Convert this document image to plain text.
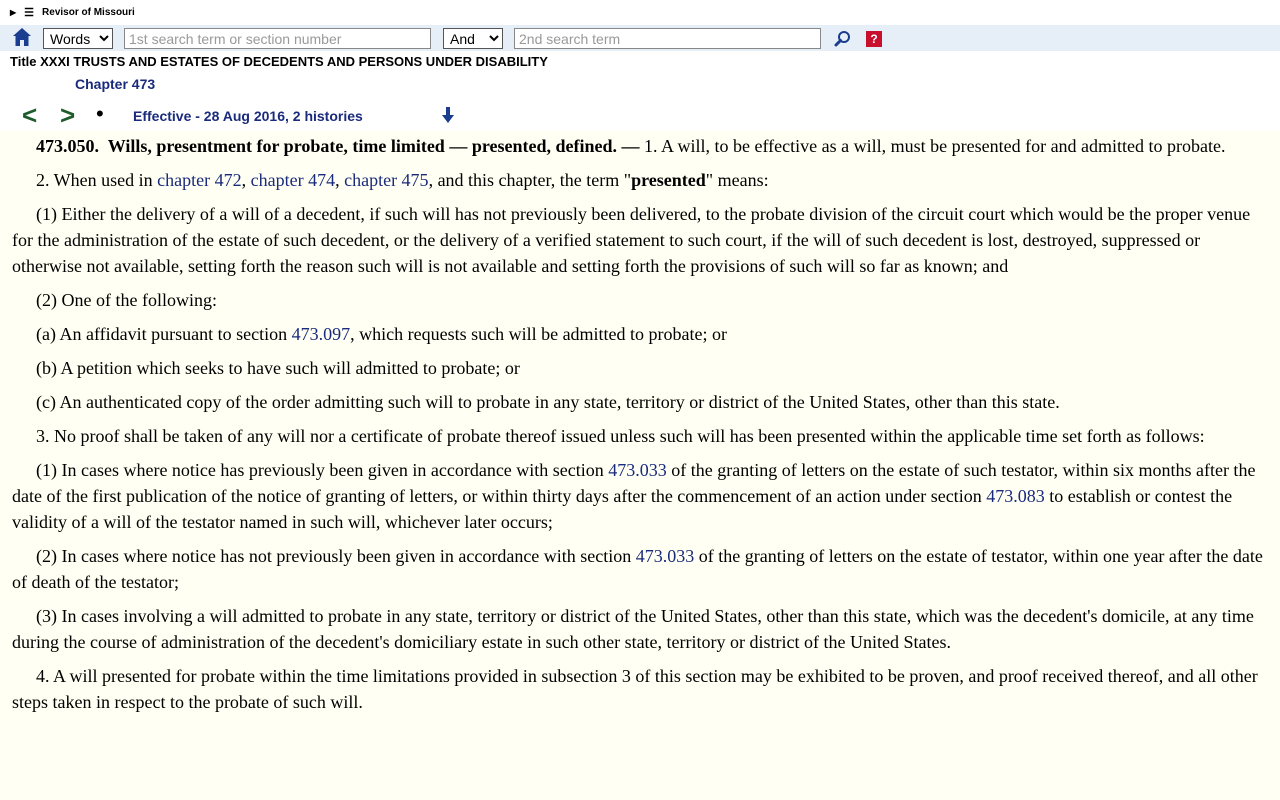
▶ ☰ Revisor of Missouri
Words
1st search term or section number
And
2nd search term
?
Title XXXI TRUSTS AND ESTATES OF DECEDENTS AND PERSONS UNDER DISABILITY
Chapter 473
< > • Effective - 28 Aug 2016, 2 histories

473.050. Wills, presentment for probate, time limited — presented, defined. — 1. A will, to be effective as a will, must be presented for and admitted to probate.

2. When used in chapter 472, chapter 474, chapter 475, and this chapter, the term "presented" means:

(1) Either the delivery of a will of a decedent, if such will has not previously been delivered, to the probate division of the circuit court which would be the proper venue for the administration of the estate of such decedent, or the delivery of a verified statement to such court, if the will of such decedent is lost, destroyed, suppressed or otherwise not available, setting forth the reason such will is not available and setting forth the provisions of such will so far as known; and

(2) One of the following:

(a) An affidavit pursuant to section 473.097, which requests such will be admitted to probate; or

(b) A petition which seeks to have such will admitted to probate; or

(c) An authenticated copy of the order admitting such will to probate in any state, territory or district of the United States, other than this state.

3. No proof shall be taken of any will nor a certificate of probate thereof issued unless such will has been presented within the applicable time set forth as follows:

(1) In cases where notice has previously been given in accordance with section 473.033 of the granting of letters on the estate of such testator, within six months after the date of the first publication of the notice of granting of letters, or within thirty days after the commencement of an action under section 473.083 to establish or contest the validity of a will of the testator named in such will, whichever later occurs;

(2) In cases where notice has not previously been given in accordance with section 473.033 of the granting of letters on the estate of testator, within one year after the date of death of the testator;

(3) In cases involving a will admitted to probate in any state, territory or district of the United States, other than this state, which was the decedent's domicile, at any time during the course of administration of the decedent's domiciliary estate in such other state, territory or district of the United States.

4. A will presented for probate within the time limitations provided in subsection 3 of this section may be exhibited to be proven, and proof received thereof, and all other steps taken in respect to the probate of such will.
